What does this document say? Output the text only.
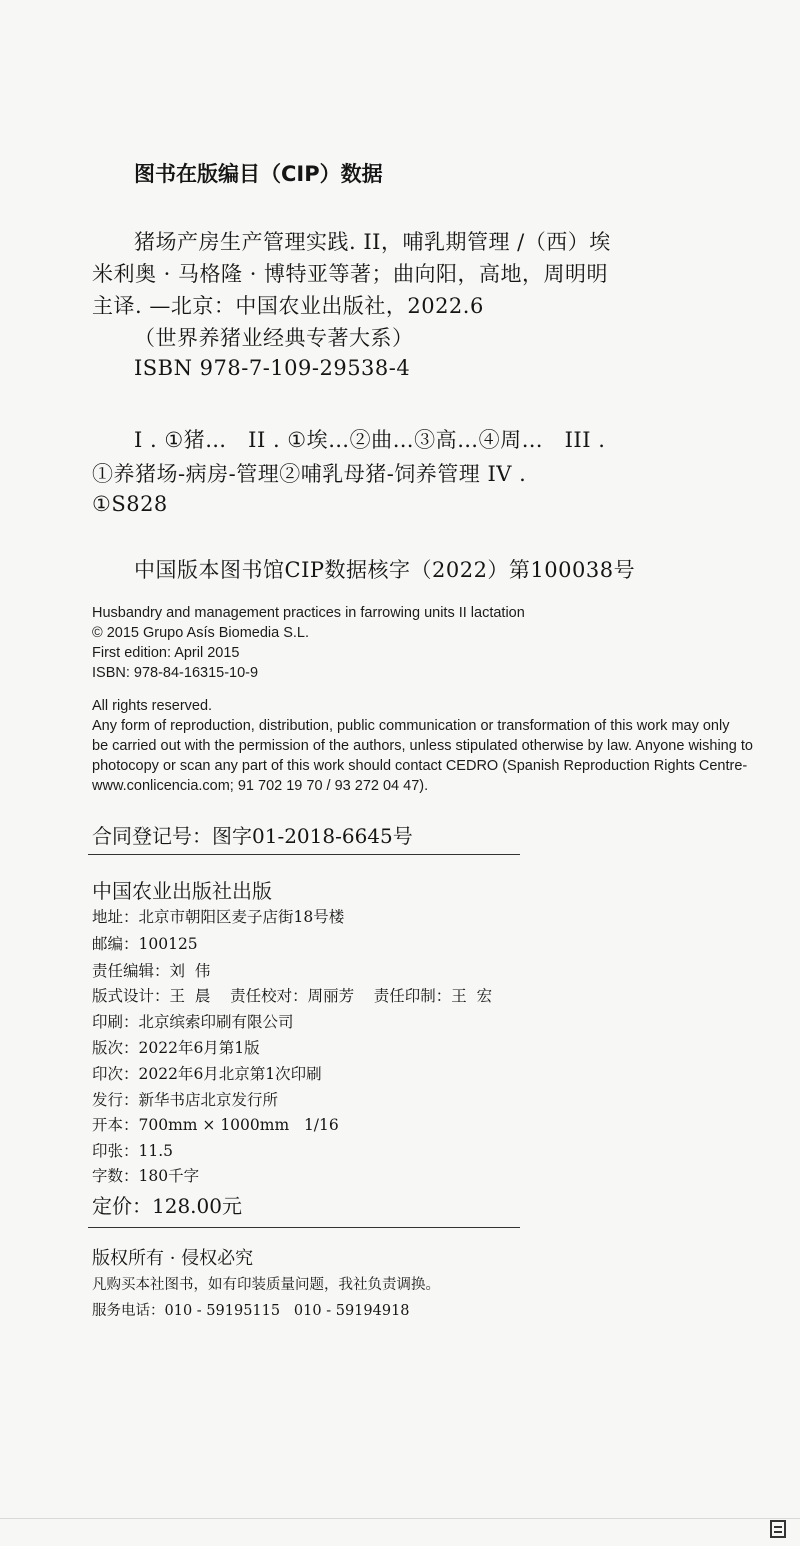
图书在版编目（CIP）数据
猪场产房生产管理实践. II，哺乳期管理 /（西）埃
米利奥 · 马格隆 · 博特亚等著；曲向阳，高地，周明明
主译. —北京：中国农业出版社，2022.6
（世界养猪业经典专著大系）
ISBN 978-7-109-29538-4
I . ①猪…   II . ①埃…②曲…③高…④周…   III .
①养猪场-病房-管理②哺乳母猪-饲养管理 IV .
①S828
中国版本图书馆CIP数据核字（2022）第100038号
Husbandry and management practices in farrowing units II lactation
© 2015 Grupo Asís Biomedia S.L.
First edition: April 2015
ISBN: 978-84-16315-10-9
All rights reserved.
Any form of reproduction, distribution, public communication or transformation of this work may only
be carried out with the permission of the authors, unless stipulated otherwise by law. Anyone wishing to
photocopy or scan any part of this work should contact CEDRO (Spanish Reproduction Rights Centre-
www.conlicencia.com; 91 702 19 70 / 93 272 04 47).
合同登记号：图字01-2018-6645号
中国农业出版社出版
地址：北京市朝阳区麦子店街18号楼
邮编：100125
责任编辑：刘  伟
版式设计：王  晨    责任校对：周丽芳    责任印制：王  宏
印刷：北京缤索印刷有限公司
版次：2022年6月第1版
印次：2022年6月北京第1次印刷
发行：新华书店北京发行所
开本：700mm × 1000mm   1/16
印张：11.5
字数：180千字
定价：128.00元
版权所有 · 侵权必究
凡购买本社图书，如有印装质量问题，我社负责调换。
服务电话：010 - 59195115   010 - 59194918
